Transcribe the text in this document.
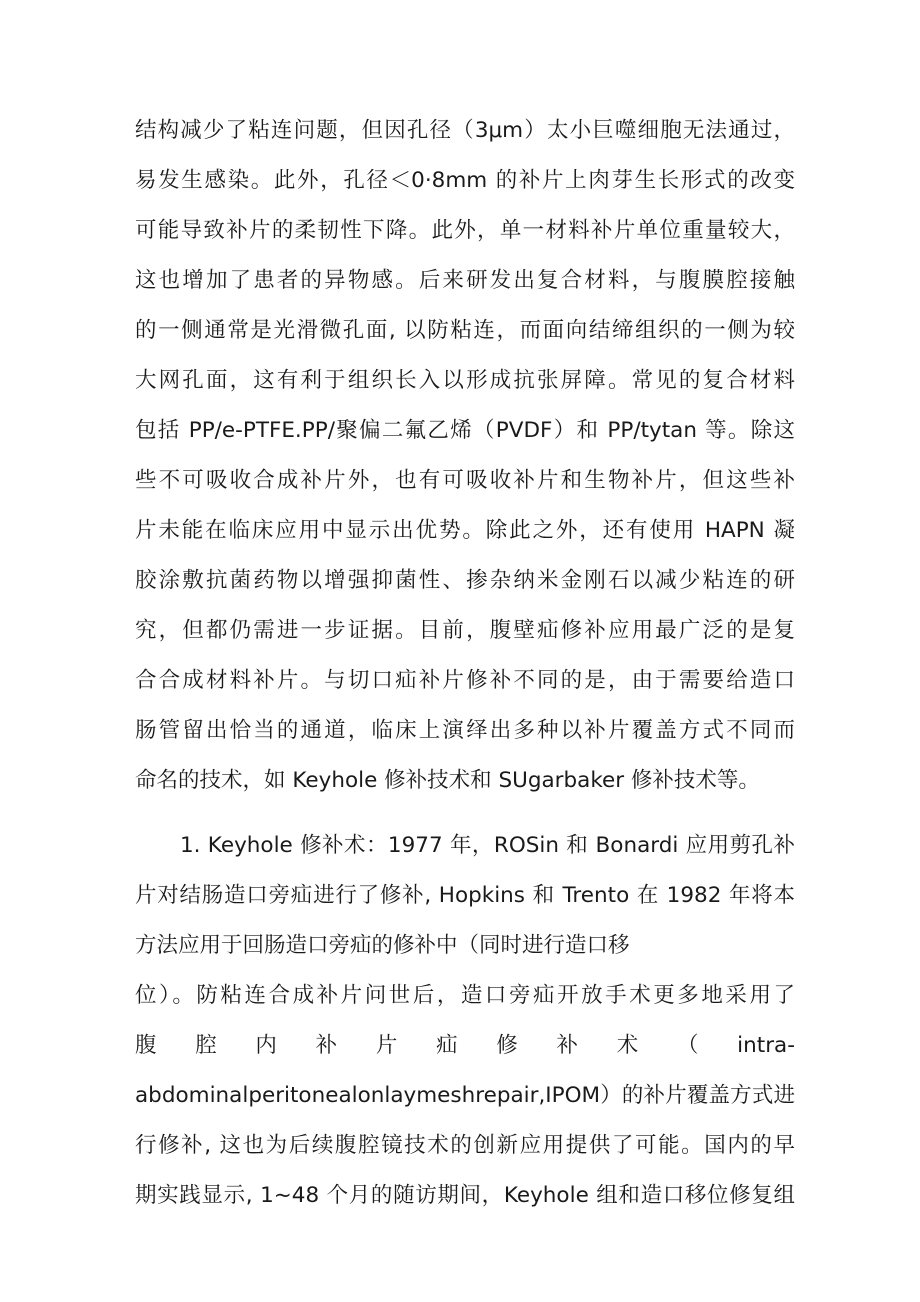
结构减少了粘连问题，但因孔径（3μm）太小巨噬细胞无法通过，
易发生感染。此外，孔径＜0·8mm 的补片上肉芽生长形式的改变
可能导致补片的柔韧性下降。此外，单一材料补片单位重量较大，
这也增加了患者的异物感。后来研发出复合材料，与腹膜腔接触
的一侧通常是光滑微孔面, 以防粘连，而面向结缔组织的一侧为较
大网孔面，这有利于组织长入以形成抗张屏障。常见的复合材料
包括 PP/e-PTFE.PP/聚偏二氟乙烯（PVDF）和 PP/tytan 等。除这
些不可吸收合成补片外，也有可吸收补片和生物补片，但这些补
片未能在临床应用中显示出优势。除此之外，还有使用 HAPN 凝
胶涂敷抗菌药物以增强抑菌性、掺杂纳米金刚石以减少粘连的研
究，但都仍需进一步证据。目前，腹壁疝修补应用最广泛的是复
合合成材料补片。与切口疝补片修补不同的是，由于需要给造口
肠管留出恰当的通道，临床上演绎出多种以补片覆盖方式不同而
命名的技术，如 Keyhole 修补技术和 SUgarbaker 修补技术等。
1. Keyhole 修补术：1977 年，ROSin 和 Bonardi 应用剪孔补
片对结肠造口旁疝进行了修补, Hopkins 和 Trento 在 1982 年将本
方法应用于回肠造口旁疝的修补中（同时进行造口移
位）。防粘连合成补片问世后，造口旁疝开放手术更多地采用了
腹 腔 内 补 片 疝 修 补 术 （ intra-
abdominalperitonealonlaymeshrepair,IPOM）的补片覆盖方式进
行修补, 这也为后续腹腔镜技术的创新应用提供了可能。国内的早
期实践显示, 1~48 个月的随访期间，Keyhole 组和造口移位修复组
